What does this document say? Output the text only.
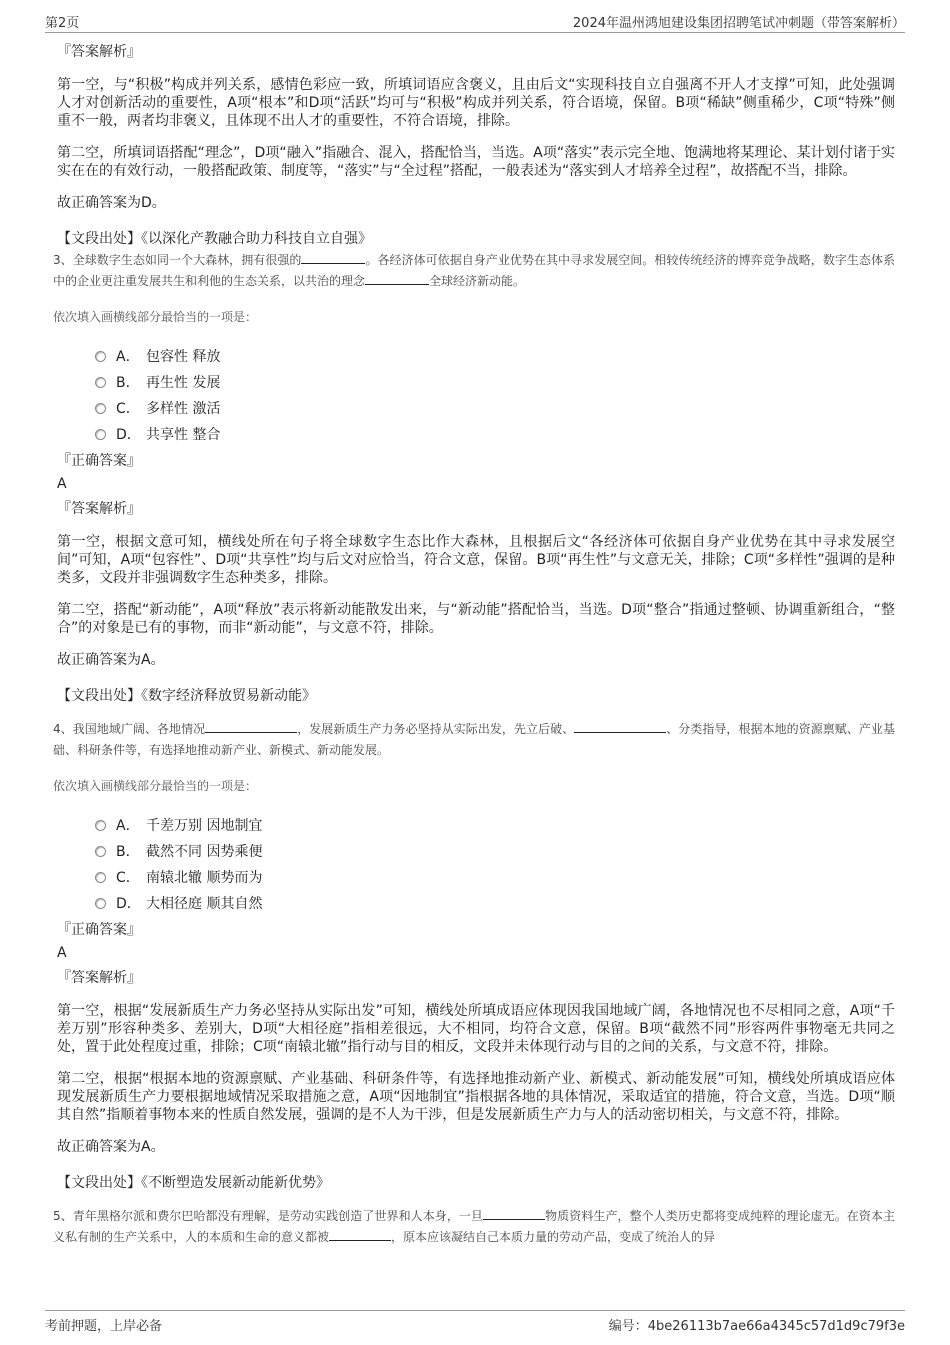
第2页	2024年温州鸿旭建设集团招聘笔试冲刺题（带答案解析）
『答案解析』

第一空，与“积极”构成并列关系，感情色彩应一致，所填词语应含褒义，且由后文“实现科技自立自强离不开人才支撑”可知，此处强调人才对创新活动的重要性，A项“根本”和D项“活跃”均可与“积极”构成并列关系，符合语境，保留。B项“稀缺”侧重稀少，C项“特殊”侧重不一般，两者均非褒义，且体现不出人才的重要性，不符合语境，排除。

第二空，所填词语搭配“理念”，D项“融入”指融合、混入，搭配恰当，当选。A项“落实”表示完全地、饱满地将某理论、某计划付诸于实实在在的有效行动，一般搭配政策、制度等，“落实”与“全过程”搭配，一般表述为“落实到人才培养全过程”，故搭配不当，排除。

故正确答案为D。

【文段出处】《以深化产教融合助力科技自立自强》

3、全球数字生态如同一个大森林，拥有很强的	。各经济体可依据自身产业优势在其中寻求发展空间。相较传统经济的博弈竞争战略，数字生态体系中的企业更注重发展共生和利他的生态关系，以共治的理念	全球经济新动能。
依次填入画横线部分最恰当的一项是：
A． 包容性 释放
B． 再生性 发展
C． 多样性 激活
D． 共享性 整合
『正确答案』
A
『答案解析』

第一空，根据文意可知，横线处所在句子将全球数字生态比作大森林，且根据后文“各经济体可依据自身产业优势在其中寻求发展空间”可知，A项“包容性”、D项“共享性”均与后文对应恰当，符合文意，保留。B项“再生性”与文意无关，排除；C项“多样性”强调的是种类多，文段并非强调数字生态种类多，排除。

第二空，搭配“新动能”，A项“释放”表示将新动能散发出来，与“新动能”搭配恰当，当选。D项“整合”指通过整顿、协调重新组合，“整合”的对象是已有的事物，而非“新动能”，与文意不符，排除。

故正确答案为A。

【文段出处】《数字经济释放贸易新动能》

4、我国地域广阔、各地情况	，发展新质生产力务必坚持从实际出发，先立后破、	、分类指导，根据本地的资源禀赋、产业基础、科研条件等，有选择地推动新产业、新模式、新动能发展。
依次填入画横线部分最恰当的一项是：
A． 千差万别 因地制宜
B． 截然不同 因势乘便
C． 南辕北辙 顺势而为
D． 大相径庭 顺其自然
『正确答案』
A
『答案解析』

第一空，根据“发展新质生产力务必坚持从实际出发”可知，横线处所填成语应体现因我国地域广阔，各地情况也不尽相同之意，A项“千差万别”形容种类多、差别大，D项“大相径庭”指相差很远，大不相同，均符合文意，保留。B项“截然不同”形容两件事物毫无共同之处，置于此处程度过重，排除；C项“南辕北辙”指行动与目的相反，文段并未体现行动与目的之间的关系，与文意不符，排除。

第二空，根据“根据本地的资源禀赋、产业基础、科研条件等，有选择地推动新产业、新模式、新动能发展”可知，横线处所填成语应体现发展新质生产力要根据地域情况采取措施之意，A项“因地制宜”指根据各地的具体情况，采取适宜的措施，符合文意，当选。D项“顺其自然”指顺着事物本来的性质自然发展，强调的是不人为干涉，但是发展新质生产力与人的活动密切相关，与文意不符，排除。

故正确答案为A。

【文段出处】《不断塑造发展新动能新优势》

5、青年黑格尔派和费尔巴哈都没有理解，是劳动实践创造了世界和人本身，一旦	物质资料生产，整个人类历史都将变成纯粹的理论虚无。在资本主义私有制的生产关系中，人的本质和生命的意义都被	，原本应该凝结自己本质力量的劳动产品，变成了统治人的异
考前押题，上岸必备	编号：4be26113b7ae66a4345c57d1d9c79f3e
